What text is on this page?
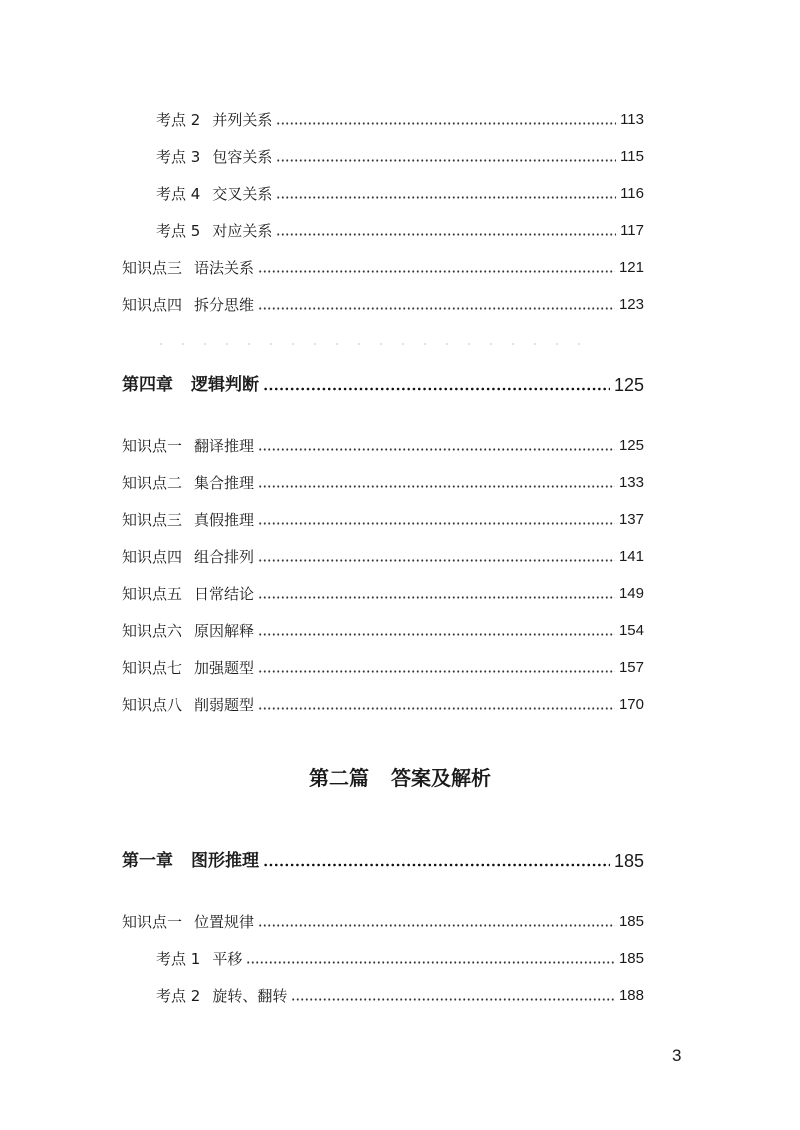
考点 2 并列关系	113
考点 3 包容关系	115
考点 4 交叉关系	116
考点 5 对应关系	117
知识点三 语法关系	121
知识点四 拆分思维	123
第四章 逻辑判断	125
知识点一 翻译推理	125
知识点二 集合推理	133
知识点三 真假推理	137
知识点四 组合排列	141
知识点五 日常结论	149
知识点六 原因解释	154
知识点七 加强题型	157
知识点八 削弱题型	170
第二篇 答案及解析
第一章 图形推理	185
知识点一 位置规律	185
考点 1 平移	185
考点 2 旋转、翻转	188
3
